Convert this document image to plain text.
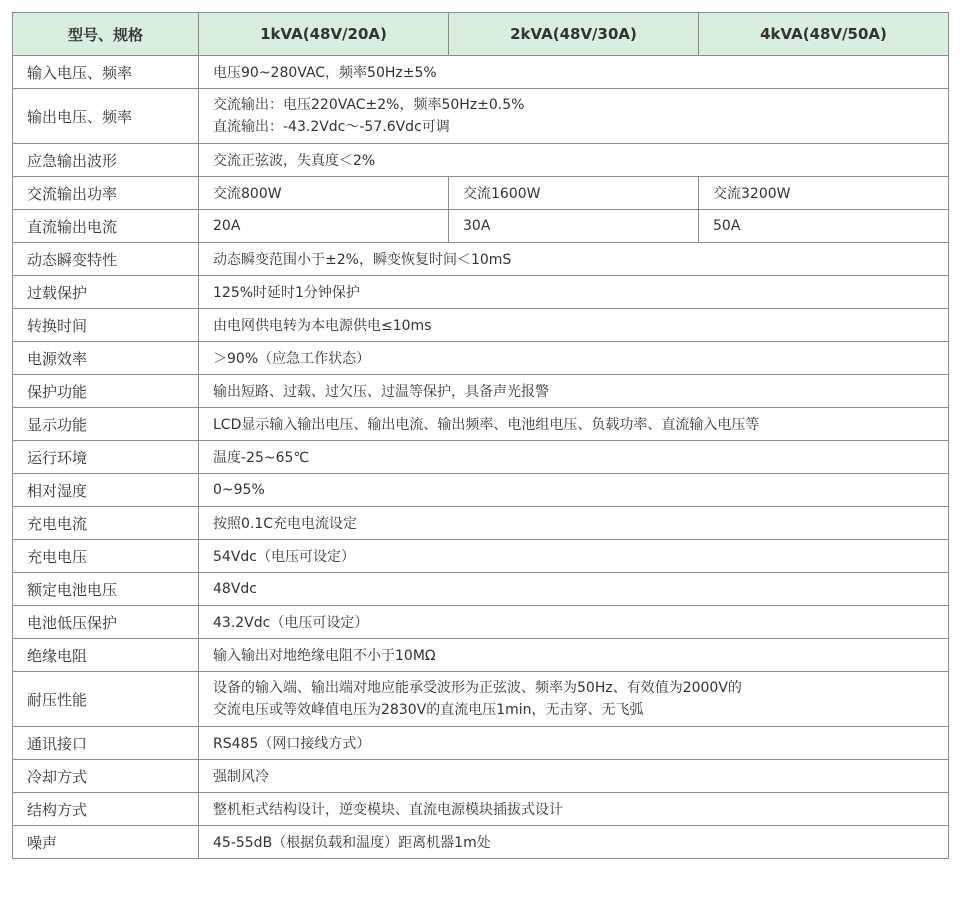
型号、规格	1kVA(48V/20A)	2kVA(48V/30A)	4kVA(48V/50A)
输入电压、频率	电压90~280VAC，频率50Hz±5%		
输出电压、频率	交流输出：电压220VAC±2%，频率50Hz±0.5%
直流输出：-43.2Vdc～-57.6Vdc可调		

应急输出波形	交流正弦波，失真度＜2%		
交流输出功率	交流800W	交流1600W	交流3200W
直流输出电流	20A	30A	50A
动态瞬变特性	动态瞬变范围小于±2%，瞬变恢复时间＜10mS		
过载保护	125%时延时1分钟保护		
转换时间	由电网供电转为本电源供电≤10ms		
电源效率	＞90%（应急工作状态）		
保护功能	输出短路、过载、过欠压、过温等保护，具备声光报警		
显示功能	LCD显示输入输出电压、输出电流、输出频率、电池组电压、负载功率、直流输入电压等		
运行环境	温度-25~65℃		
相对湿度	0~95%		
充电电流	按照0.1C充电电流设定		
充电电压	54Vdc（电压可设定）		
额定电池电压	48Vdc		
电池低压保护	43.2Vdc（电压可设定）		
绝缘电阻	输入输出对地绝缘电阻不小于10MΩ		
耐压性能	设备的输入端、输出端对地应能承受波形为正弦波、频率为50Hz、有效值为2000V的
交流电压或等效峰值电压为2830V的直流电压1min，无击穿、无飞弧		

通讯接口	RS485（网口接线方式）		
冷却方式	强制风冷		
结构方式	整机柜式结构设计，逆变模块、直流电源模块插拔式设计		
噪声	45-55dB（根据负载和温度）距离机器1m处		
